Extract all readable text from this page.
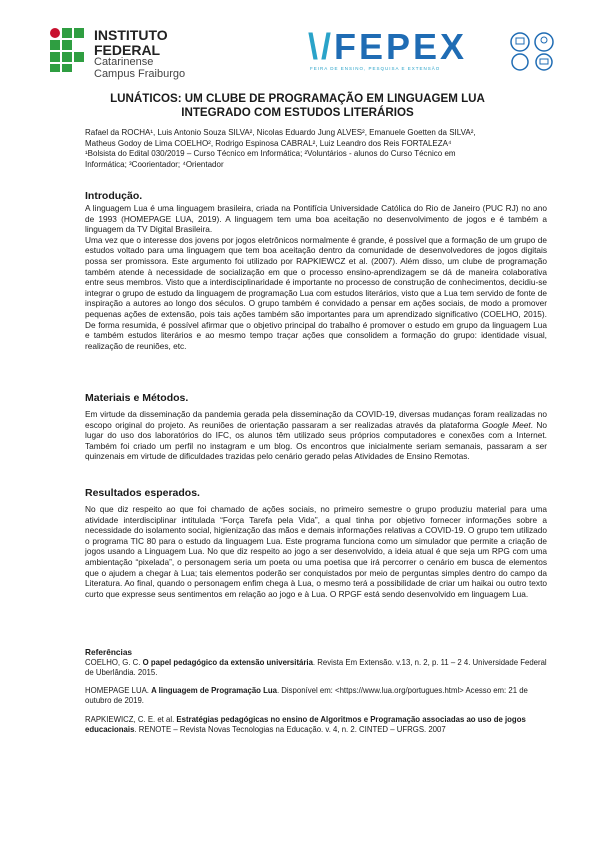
INSTITUTO FEDERAL
Catarinense
Campus Fraiburgo
\/FEPEX
FEIRA DE ENSINO, PESQUISA E EXTENSÃO
LUNÁTICOS: UM CLUBE DE PROGRAMAÇÃO EM LINGUAGEM LUA
INTEGRADO COM ESTUDOS LITERÁRIOS

Rafael da ROCHA¹, Luis Antonio Souza SILVA², Nicolas Eduardo Jung ALVES², Emanuele Goetten da SILVA²,

Matheus Godoy de Lima COELHO², Rodrigo Espinosa CABRAL², Luiz Leandro dos Reis FORTALEZA⁴

¹Bolsista do Edital 030/2019 – Curso Técnico em Informática; ²Voluntários - alunos do Curso Técnico em

Informática; ³Coorientador; ⁴Orientador

Introdução.

A linguagem Lua é uma linguagem brasileira, criada na Pontifícia Universidade Católica do Rio de Janeiro (PUC RJ) no ano de 1993 (HOMEPAGE LUA, 2019). A linguagem tem uma boa aceitação no desenvolvimento de jogos e é também a linguagem da TV Digital Brasileira.

Uma vez que o interesse dos jovens por jogos eletrônicos normalmente é grande, é possível que a formação de um grupo de estudos voltado para uma linguagem que tem boa aceitação dentro da comunidade de desenvolvedores de jogos digitais possa ser promissora. Este argumento foi utilizado por RAPKIEWCZ et al. (2007). Além disso, um clube de programação também atende à necessidade de socialização em que o processo ensino-aprendizagem se dá de maneira colaborativa entre seus membros. Visto que a interdisciplinaridade é importante no processo de construção de conhecimentos, decidiu-se integrar o grupo de estudo da linguagem de programação Lua com estudos literários, visto que a Lua tem servido de fonte de inspiração a autores ao longo dos séculos. O grupo também é convidado a pensar em ações sociais, de modo a promover pequenas ações de extensão, pois tais ações também são importantes para um aprendizado significativo (COELHO, 2015). De forma resumida, é possível afirmar que o objetivo principal do trabalho é promover o estudo em grupo da linguagem Lua e também estudos literários e ao mesmo tempo traçar ações que consolidem a formação do grupo: identidade visual, realização de reuniões, etc.

Materiais e Métodos.

Em virtude da disseminação da pandemia gerada pela disseminação da COVID-19, diversas mudanças foram realizadas no escopo original do projeto. As reuniões de orientação passaram a ser realizadas através da plataforma Google Meet. No lugar do uso dos laboratórios do IFC, os alunos têm utilizado seus próprios computadores e conexões com a Internet. Também foi criado um perfil no instagram e um blog. Os encontros que inicialmente seriam semanais, passaram a ser quinzenais em virtude de dificuldades trazidas pelo cenário gerado pelas Atividades de Ensino Remotas.

Resultados esperados.

No que diz respeito ao que foi chamado de ações sociais, no primeiro semestre o grupo produziu material para uma atividade interdisciplinar intitulada “Força Tarefa pela Vida”, a qual tinha por objetivo fornecer informações sobre a necessidade do isolamento social, higienização das mãos e demais informações relativas a COVID-19. O grupo tem utilizado o programa TIC 80 para o estudo da linguagem Lua. Este programa funciona como um simulador que permite a criação de jogos usando a Linguagem Lua. No que diz respeito ao jogo a ser desenvolvido, a ideia atual é que seja um RPG com uma ambientação “pixelada”, o personagem seria um poeta ou uma poetisa que irá percorrer o cenário em busca de elementos que o ajudem a chegar à Lua; tais elementos poderão ser conquistados por meio de perguntas simples dentro do campo da Literatura. Ao final, quando o personagem enfim chega à Lua, o mesmo terá a possibilidade de criar um haikai ou outro texto curto que expresse seus sentimentos em relação ao jogo e à Lua. O RPGF está sendo desenvolvido em linguagem Lua.

Referências

COELHO, G. C. O papel pedagógico da extensão universitária. Revista Em Extensão. v.13, n. 2, p. 11 – 2 4. Universidade Federal de Uberlândia. 2015.

HOMEPAGE LUA. A linguagem de Programação Lua. Disponível em: <https://www.lua.org/portugues.html> Acesso em: 21 de outubro de 2019.

RAPKIEWICZ, C. E. et al. Estratégias pedagógicas no ensino de Algoritmos e Programação associadas ao uso de jogos educacionais. RENOTE – Revista Novas Tecnologias na Educação. v. 4, n. 2. CINTED – UFRGS. 2007
